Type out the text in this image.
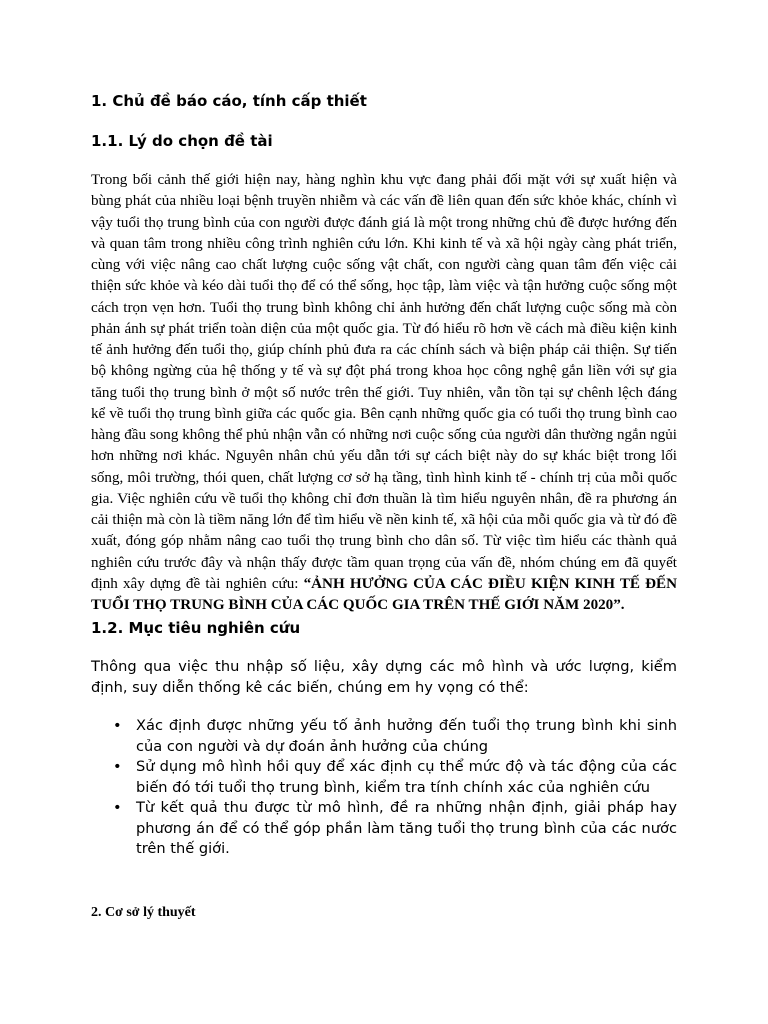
1. Chủ đề báo cáo, tính cấp thiết
1.1. Lý do chọn đề tài

Trong bối cảnh thế giới hiện nay, hàng nghìn khu vực đang phải đối mặt với sự xuất hiện và bùng phát của nhiều loại bệnh truyền nhiễm và các vấn đề liên quan đến sức khỏe khác, chính vì vậy tuổi thọ trung bình của con người được đánh giá là một trong những chủ đề được hướng đến và quan tâm trong nhiều công trình nghiên cứu lớn. Khi kinh tế và xã hội ngày càng phát triển, cùng với việc nâng cao chất lượng cuộc sống vật chất, con người càng quan tâm đến việc cải thiện sức khỏe và kéo dài tuổi thọ để có thể sống, học tập, làm việc và tận hưởng cuộc sống một cách trọn vẹn hơn. Tuổi thọ trung bình không chỉ ảnh hưởng đến chất lượng cuộc sống mà còn phản ánh sự phát triển toàn diện của một quốc gia. Từ đó hiểu rõ hơn về cách mà điều kiện kinh tế ảnh hưởng đến tuổi thọ, giúp chính phủ đưa ra các chính sách và biện pháp cải thiện. Sự tiến bộ không ngừng của hệ thống y tế và sự đột phá trong khoa học công nghệ gắn liền với sự gia tăng tuổi thọ trung bình ở một số nước trên thế giới. Tuy nhiên, vẫn tồn tại sự chênh lệch đáng kể về tuổi thọ trung bình giữa các quốc gia. Bên cạnh những quốc gia có tuổi thọ trung bình cao hàng đầu song không thể phủ nhận vẫn có những nơi cuộc sống của người dân thường ngắn ngủi hơn những nơi khác. Nguyên nhân chủ yếu dẫn tới sự cách biệt này do sự khác biệt trong lối sống, môi trường, thói quen, chất lượng cơ sở hạ tầng, tình hình kinh tế - chính trị của mỗi quốc gia. Việc nghiên cứu về tuổi thọ không chỉ đơn thuần là tìm hiểu nguyên nhân, đề ra phương án cải thiện mà còn là tiềm năng lớn để tìm hiểu về nền kinh tế, xã hội của mỗi quốc gia và từ đó đề xuất, đóng góp nhằm nâng cao tuổi thọ trung bình cho dân số. Từ việc tìm hiểu các thành quả nghiên cứu trước đây và nhận thấy được tầm quan trọng của vấn đề, nhóm chúng em đã quyết định xây dựng đề tài nghiên cứu: “ẢNH HƯỞNG CỦA CÁC ĐIỀU KIỆN KINH TẾ ĐẾN TUỔI THỌ TRUNG BÌNH CỦA CÁC QUỐC GIA TRÊN THẾ GIỚI NĂM 2020”.

1.2. Mục tiêu nghiên cứu

Thông qua việc thu nhập số liệu, xây dựng các mô hình và ước lượng, kiểm định, suy diễn thống kê các biến, chúng em hy vọng có thể:

• Xác định được những yếu tố ảnh hưởng đến tuổi thọ trung bình khi sinh của con người và dự đoán ảnh hưởng của chúng
• Sử dụng mô hình hồi quy để xác định cụ thể mức độ và tác động của các biến đó tới tuổi thọ trung bình, kiểm tra tính chính xác của nghiên cứu
• Từ kết quả thu được từ mô hình, đề ra những nhận định, giải pháp hay phương án để có thể góp phần làm tăng tuổi thọ trung bình của các nước trên thế giới.
2. Cơ sở lý thuyết
